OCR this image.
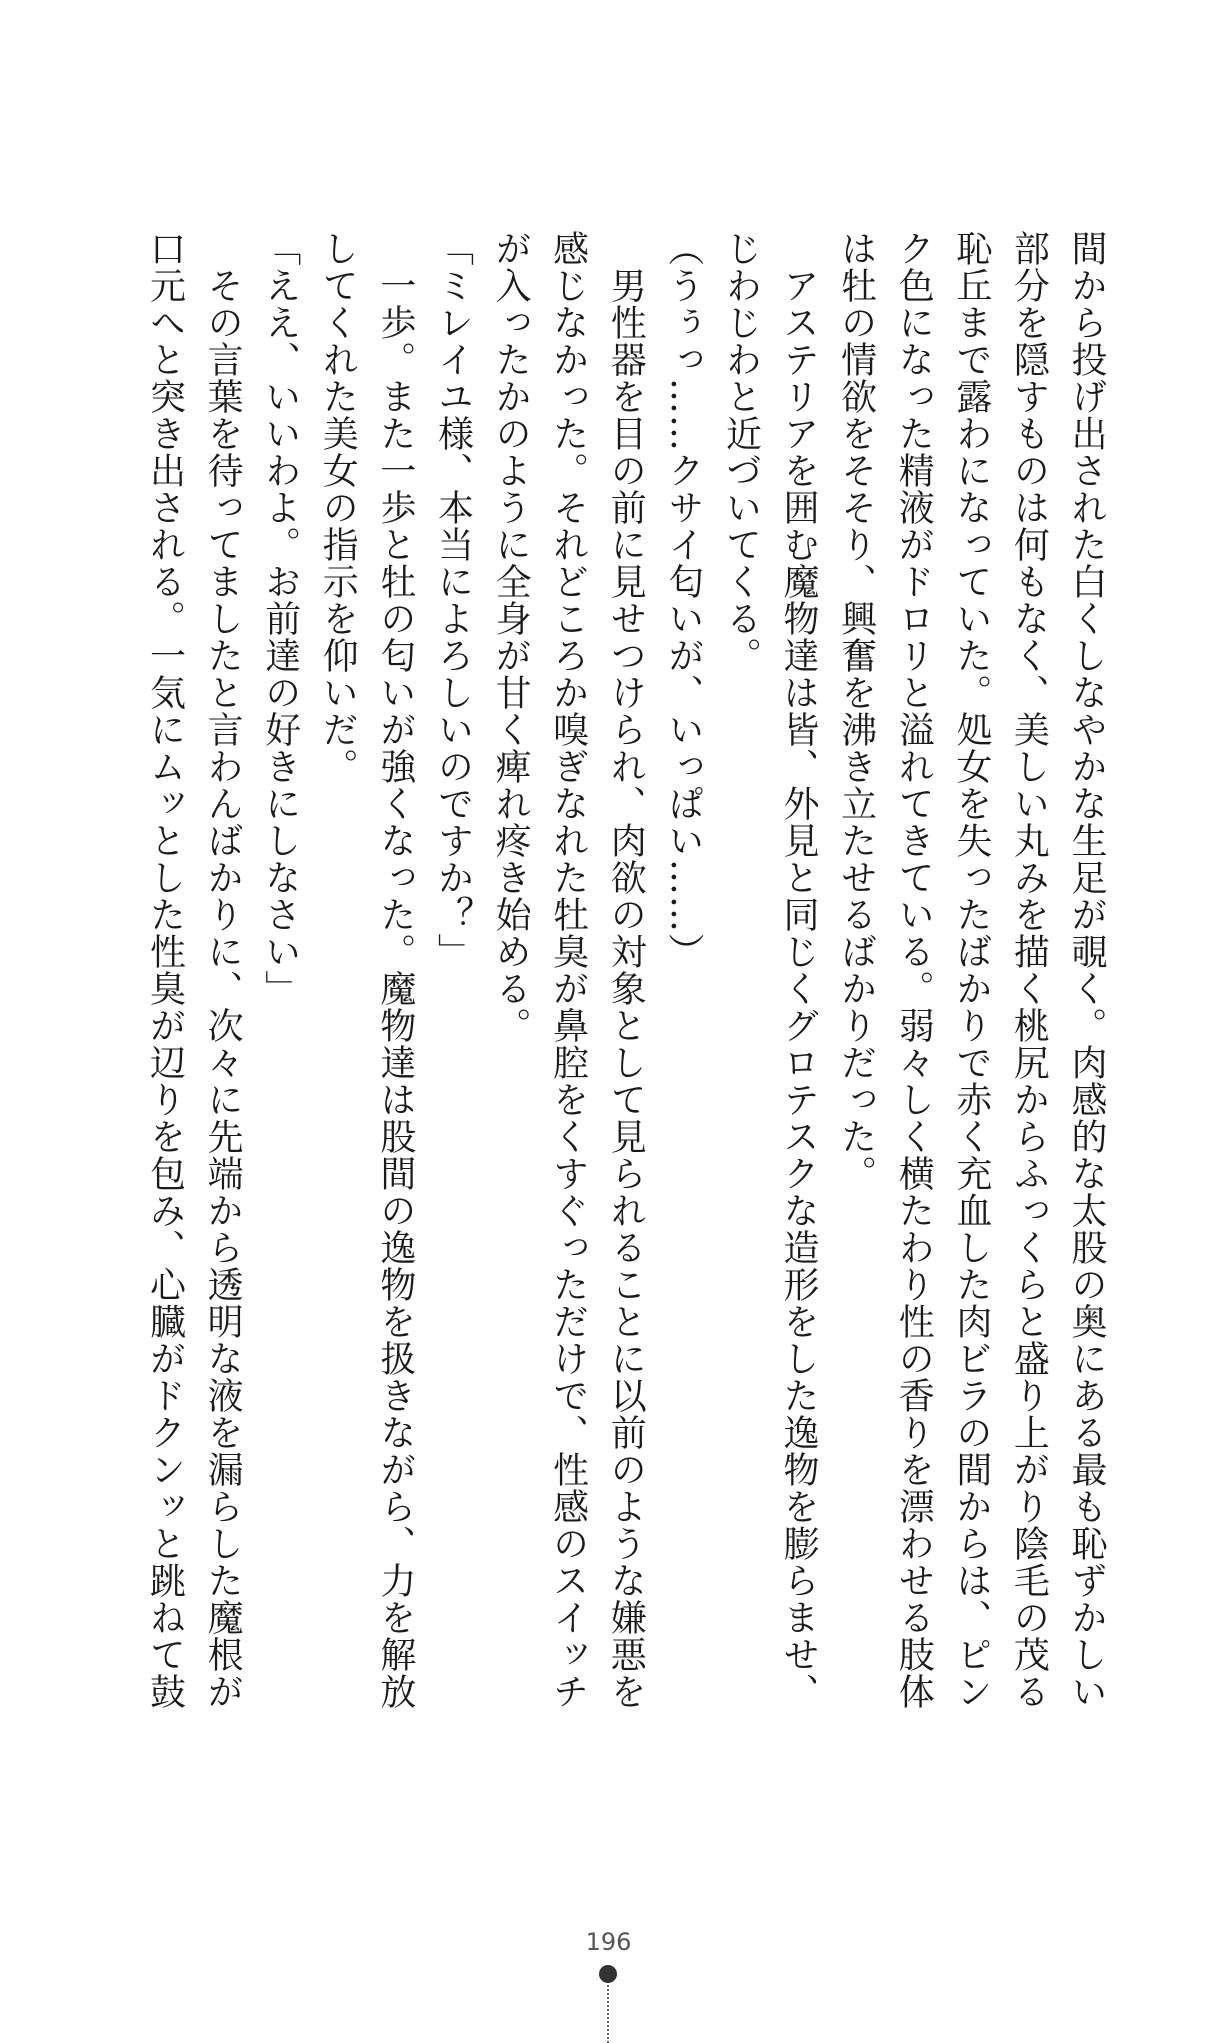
間から投げ出された白くしなやかな生足が覗く。肉感的な太股の奥にある最も恥ずかしい
部分を隠すものは何もなく、美しい丸みを描く桃尻からふっくらと盛り上がり陰毛の茂る
恥丘まで露わになっていた。処女を失ったばかりで赤く充血した肉ビラの間からは、ピン
ク色になった精液がドロリと溢れてきている。弱々しく横たわり性の香りを漂わせる肢体
は牡の情欲をそそり、興奮を沸き立たせるばかりだった。
　アステリアを囲む魔物達は皆、外見と同じくグロテスクな造形をした逸物を膨らませ、
じわじわと近づいてくる。
（うぅっ……クサイ匂いが、いっぱい……）
　男性器を目の前に見せつけられ、肉欲の対象として見られることに以前のような嫌悪を
感じなかった。それどころか嗅ぎなれた牡臭が鼻腔をくすぐっただけで、性感のスイッチ
が入ったかのように全身が甘く痺れ疼き始める。
「ミレイユ様、本当によろしいのですか？」
　一歩。また一歩と牡の匂いが強くなった。魔物達は股間の逸物を扱きながら、力を解放
してくれた美女の指示を仰いだ。
「ええ、いいわよ。お前達の好きにしなさい」
　その言葉を待ってましたと言わんばかりに、次々に先端から透明な液を漏らした魔根が
口元へと突き出される。一気にムッとした性臭が辺りを包み、心臓がドクンッと跳ねて鼓
196
